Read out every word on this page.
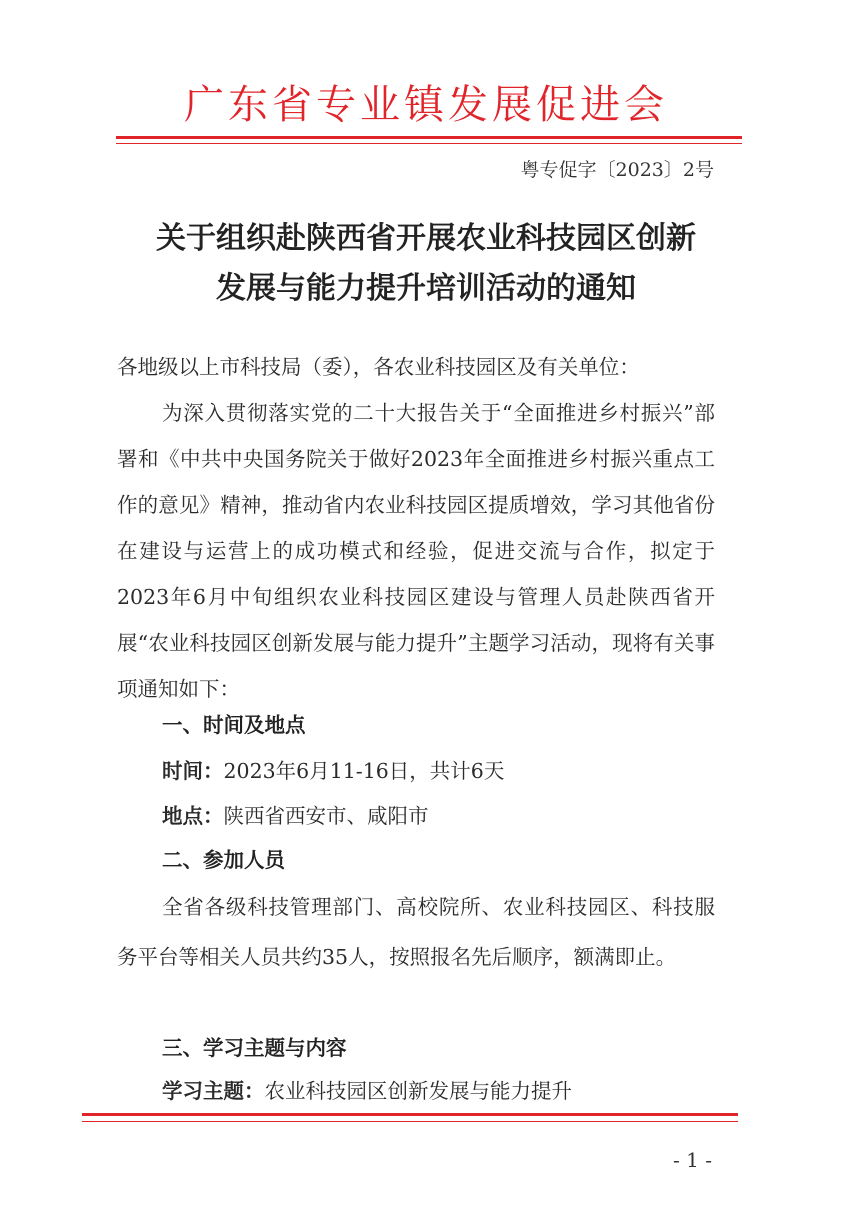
广东省专业镇发展促进会
粤专促字〔2023〕2号
关于组织赴陕西省开展农业科技园区创新
发展与能力提升培训活动的通知
各地级以上市科技局（委），各农业科技园区及有关单位：
为深入贯彻落实党的二十大报告关于“全面推进乡村振兴”部署和《中共中央国务院关于做好2023年全面推进乡村振兴重点工作的意见》精神，推动省内农业科技园区提质增效，学习其他省份在建设与运营上的成功模式和经验，促进交流与合作，拟定于2023年6月中旬组织农业科技园区建设与管理人员赴陕西省开展“农业科技园区创新发展与能力提升”主题学习活动，现将有关事项通知如下：
一、时间及地点
时间：2023年6月11-16日，共计6天
地点：陕西省西安市、咸阳市
二、参加人员
全省各级科技管理部门、高校院所、农业科技园区、科技服务平台等相关人员共约35人，按照报名先后顺序，额满即止。
三、学习主题与内容
学习主题：农业科技园区创新发展与能力提升
- 1 -
